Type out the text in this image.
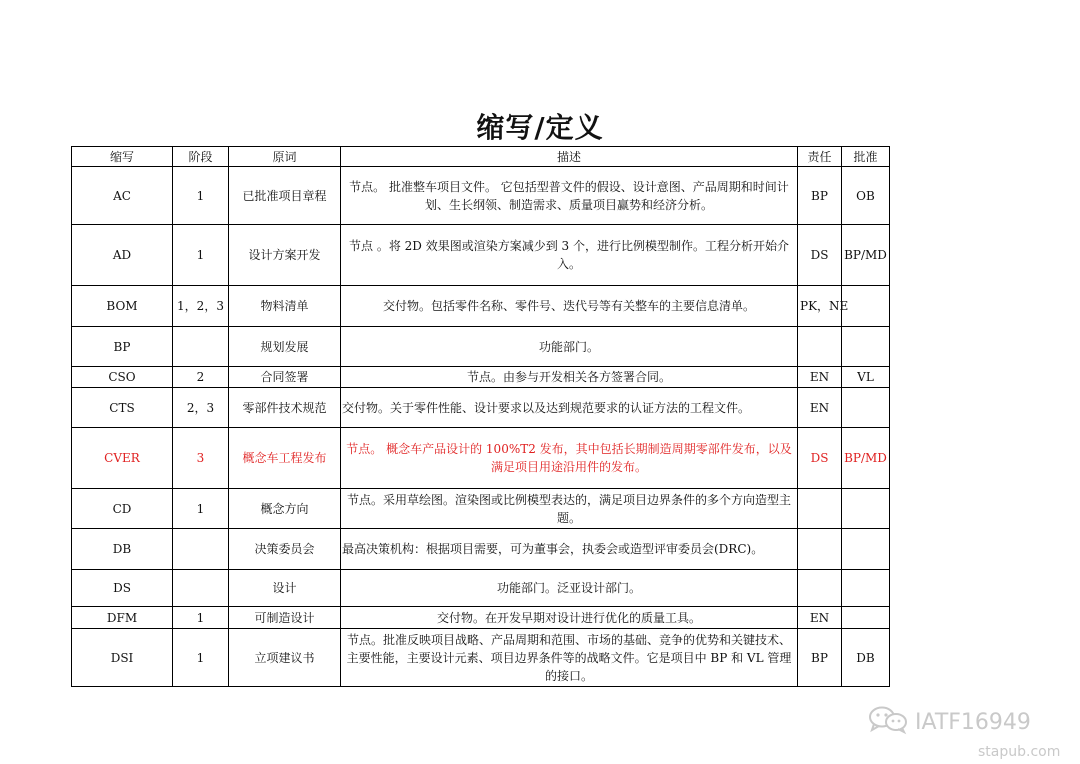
缩写/定义
缩写	阶段	原词	描述	责任	批准
AC	1	已批准项目章程	节点。 批准整车项目文件。 它包括型普文件的假设、设计意图、产品周期和时间计划、生长纲领、制造需求、质量项目赢势和经济分析。	BP	OB
AD	1	设计方案开发	节点 。将 2D 效果图或渲染方案减少到 3 个，进行比例模型制作。工程分析开始介入。	DS	BP/MD
BOM	1，2，3	物料清单	交付物。包括零件名称、零件号、迭代号等有关整车的主要信息清单。	PK，NE	
BP		规划发展	功能部门。		
CSO	2	合同签署	节点。由参与开发相关各方签署合同。	EN	VL
CTS	2，3	零部件技术规范	交付物。关于零件性能、设计要求以及达到规范要求的认证方法的工程文件。	EN	
CVER	3	概念车工程发布	节点。 概念车产品设计的 100%T2 发布，其中包括长期制造周期零部件发布，以及满足项目用途沿用件的发布。	DS	BP/MD
CD	1	概念方向	节点。采用草绘图。渲染图或比例模型表达的，满足项目边界条件的多个方向造型主题。		
DB		决策委员会	最高决策机构：根据项目需要，可为董事会，执委会或造型评审委员会(DRC)。		
DS		设计	功能部门。泛亚设计部门。		
DFM	1	可制造设计	交付物。在开发早期对设计进行优化的质量工具。	EN	
DSI	1	立项建议书	节点。批准反映项目战略、产品周期和范围、市场的基础、竞争的优势和关键技术、主要性能，主要设计元素、项目边界条件等的战略文件。它是项目中 BP 和 VL 管理的接口。	BP	DB
IATF16949
stapub.com
